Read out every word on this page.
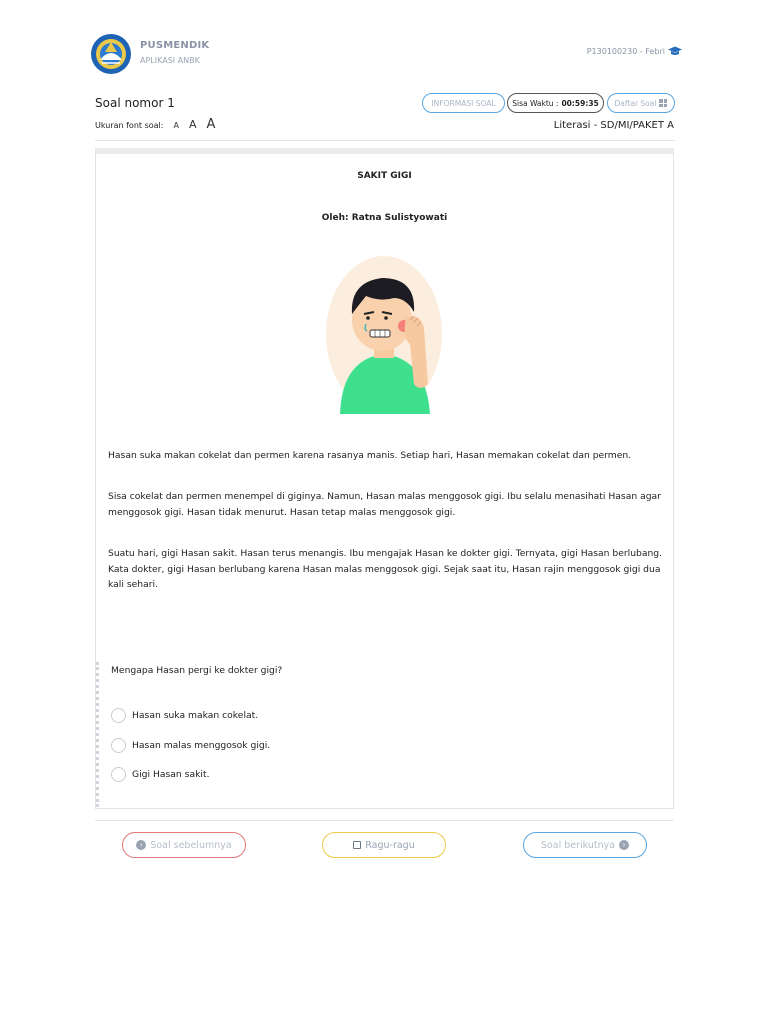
PUSMENDIK
APLIKASI ANBK
P130100230 - Febri
Soal nomor 1
Ukuran font soal: A A A
INFORMASI SOAL	Sisa Waktu : 00:59:35 Daftar Soal
Literasi - SD/MI/PAKET A
SAKIT GIGI
Oleh: Ratna Sulistyowati
Hasan suka makan cokelat dan permen karena rasanya manis. Setiap hari, Hasan memakan cokelat dan permen.
Sisa cokelat dan permen menempel di giginya. Namun, Hasan malas menggosok gigi. Ibu selalu menasihati Hasan agar menggosok gigi. Hasan tidak menurut. Hasan tetap malas menggosok gigi.
Suatu hari, gigi Hasan sakit. Hasan terus menangis. Ibu mengajak Hasan ke dokter gigi. Ternyata, gigi Hasan berlubang. Kata dokter, gigi Hasan berlubang karena Hasan malas menggosok gigi. Sejak saat itu, Hasan rajin menggosok gigi dua kali sehari.
Mengapa Hasan pergi ke dokter gigi?
Hasan suka makan cokelat.
Hasan malas menggosok gigi.
Gigi Hasan sakit.
‹ Soal sebelumnya	Ragu-ragu	Soal berikutnya	›
